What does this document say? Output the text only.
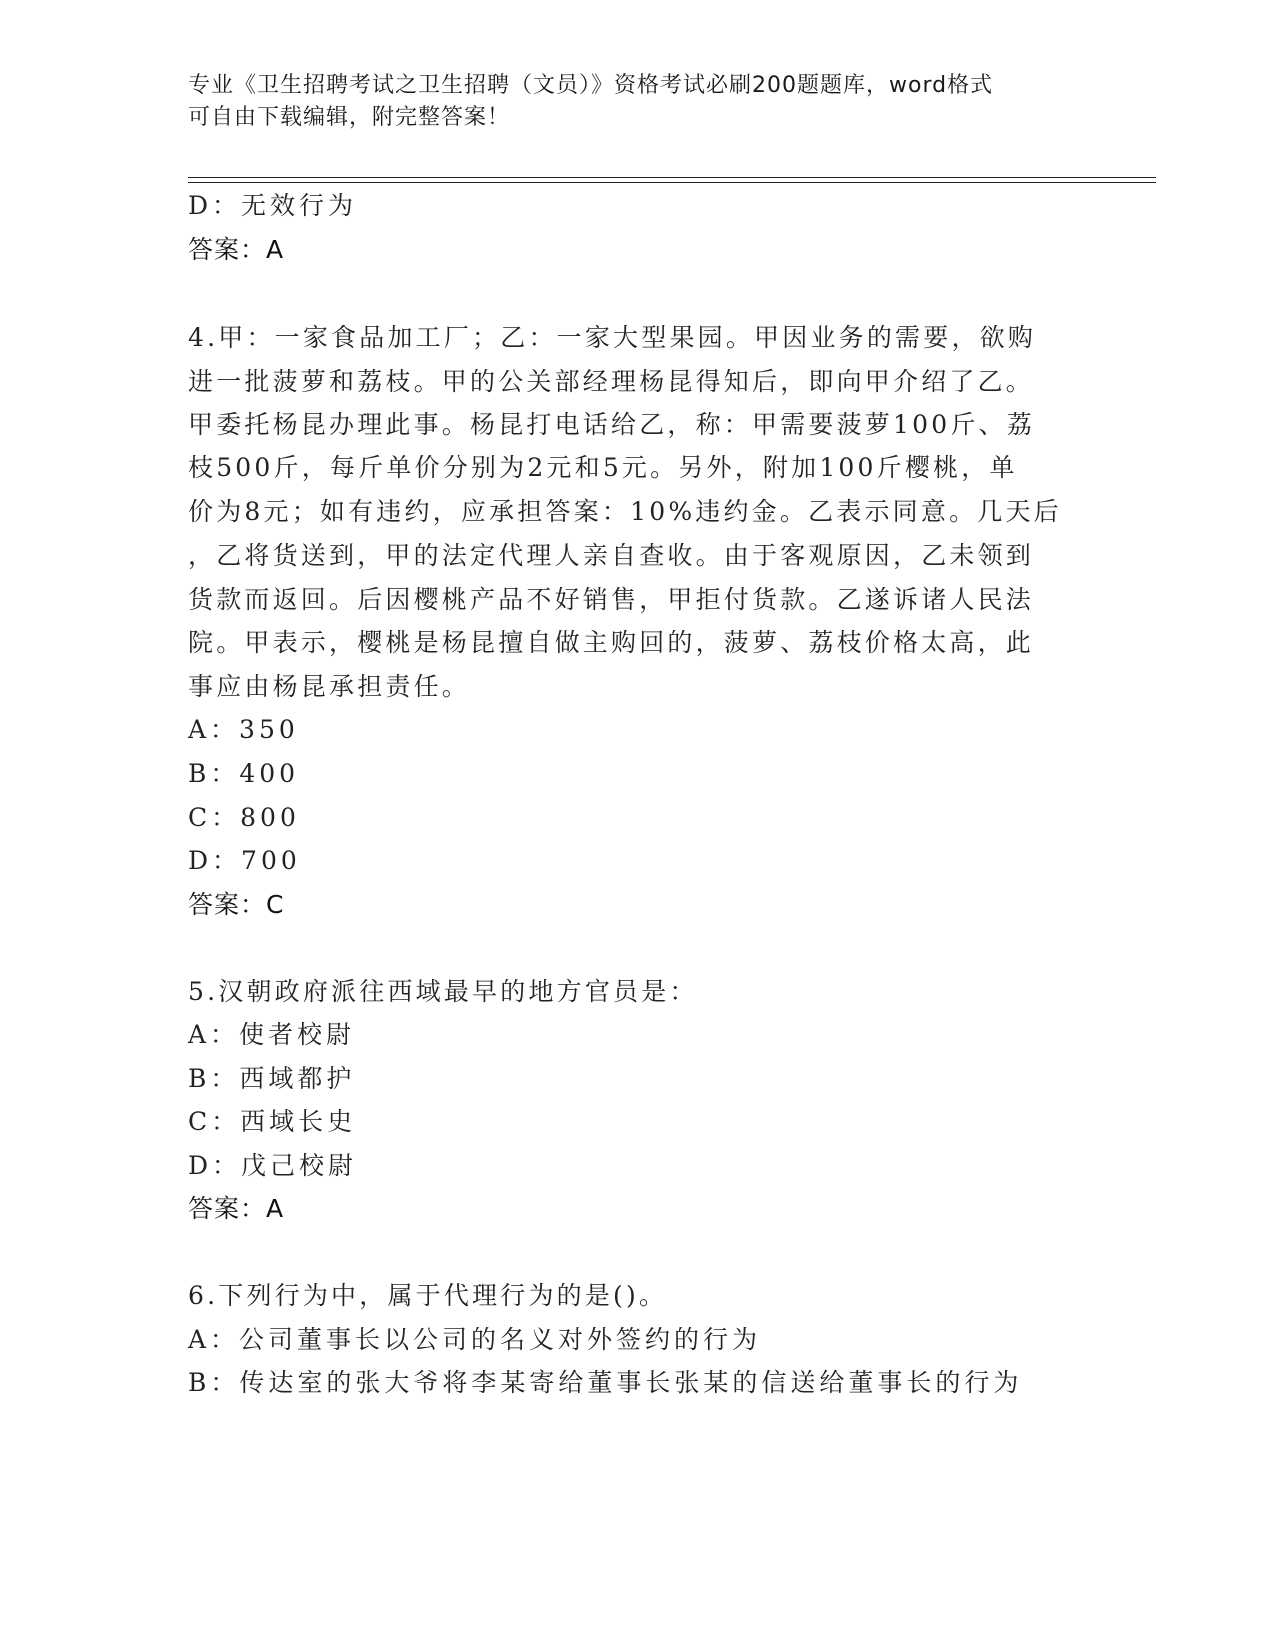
专业《卫生招聘考试之卫生招聘（文员）》资格考试必刷200题题库，word格式
可自由下载编辑，附完整答案！
D：无效行为
答案：A
4.甲：一家食品加工厂；乙：一家大型果园。甲因业务的需要，欲购
进一批菠萝和荔枝。甲的公关部经理杨昆得知后，即向甲介绍了乙。
甲委托杨昆办理此事。杨昆打电话给乙，称：甲需要菠萝100斤、荔
枝500斤，每斤单价分别为2元和5元。另外，附加100斤樱桃，单
价为8元；如有违约，应承担答案：10%违约金。乙表示同意。几天后
，乙将货送到，甲的法定代理人亲自查收。由于客观原因，乙未领到
货款而返回。后因樱桃产品不好销售，甲拒付货款。乙遂诉诸人民法
院。甲表示，樱桃是杨昆擅自做主购回的，菠萝、荔枝价格太高，此
事应由杨昆承担责任。
A：350
B：400
C：800
D：700
答案：C
5.汉朝政府派往西域最早的地方官员是：
A：使者校尉
B：西域都护
C：西域长史
D：戊己校尉
答案：A
6.下列行为中，属于代理行为的是()。
A：公司董事长以公司的名义对外签约的行为
B：传达室的张大爷将李某寄给董事长张某的信送给董事长的行为
